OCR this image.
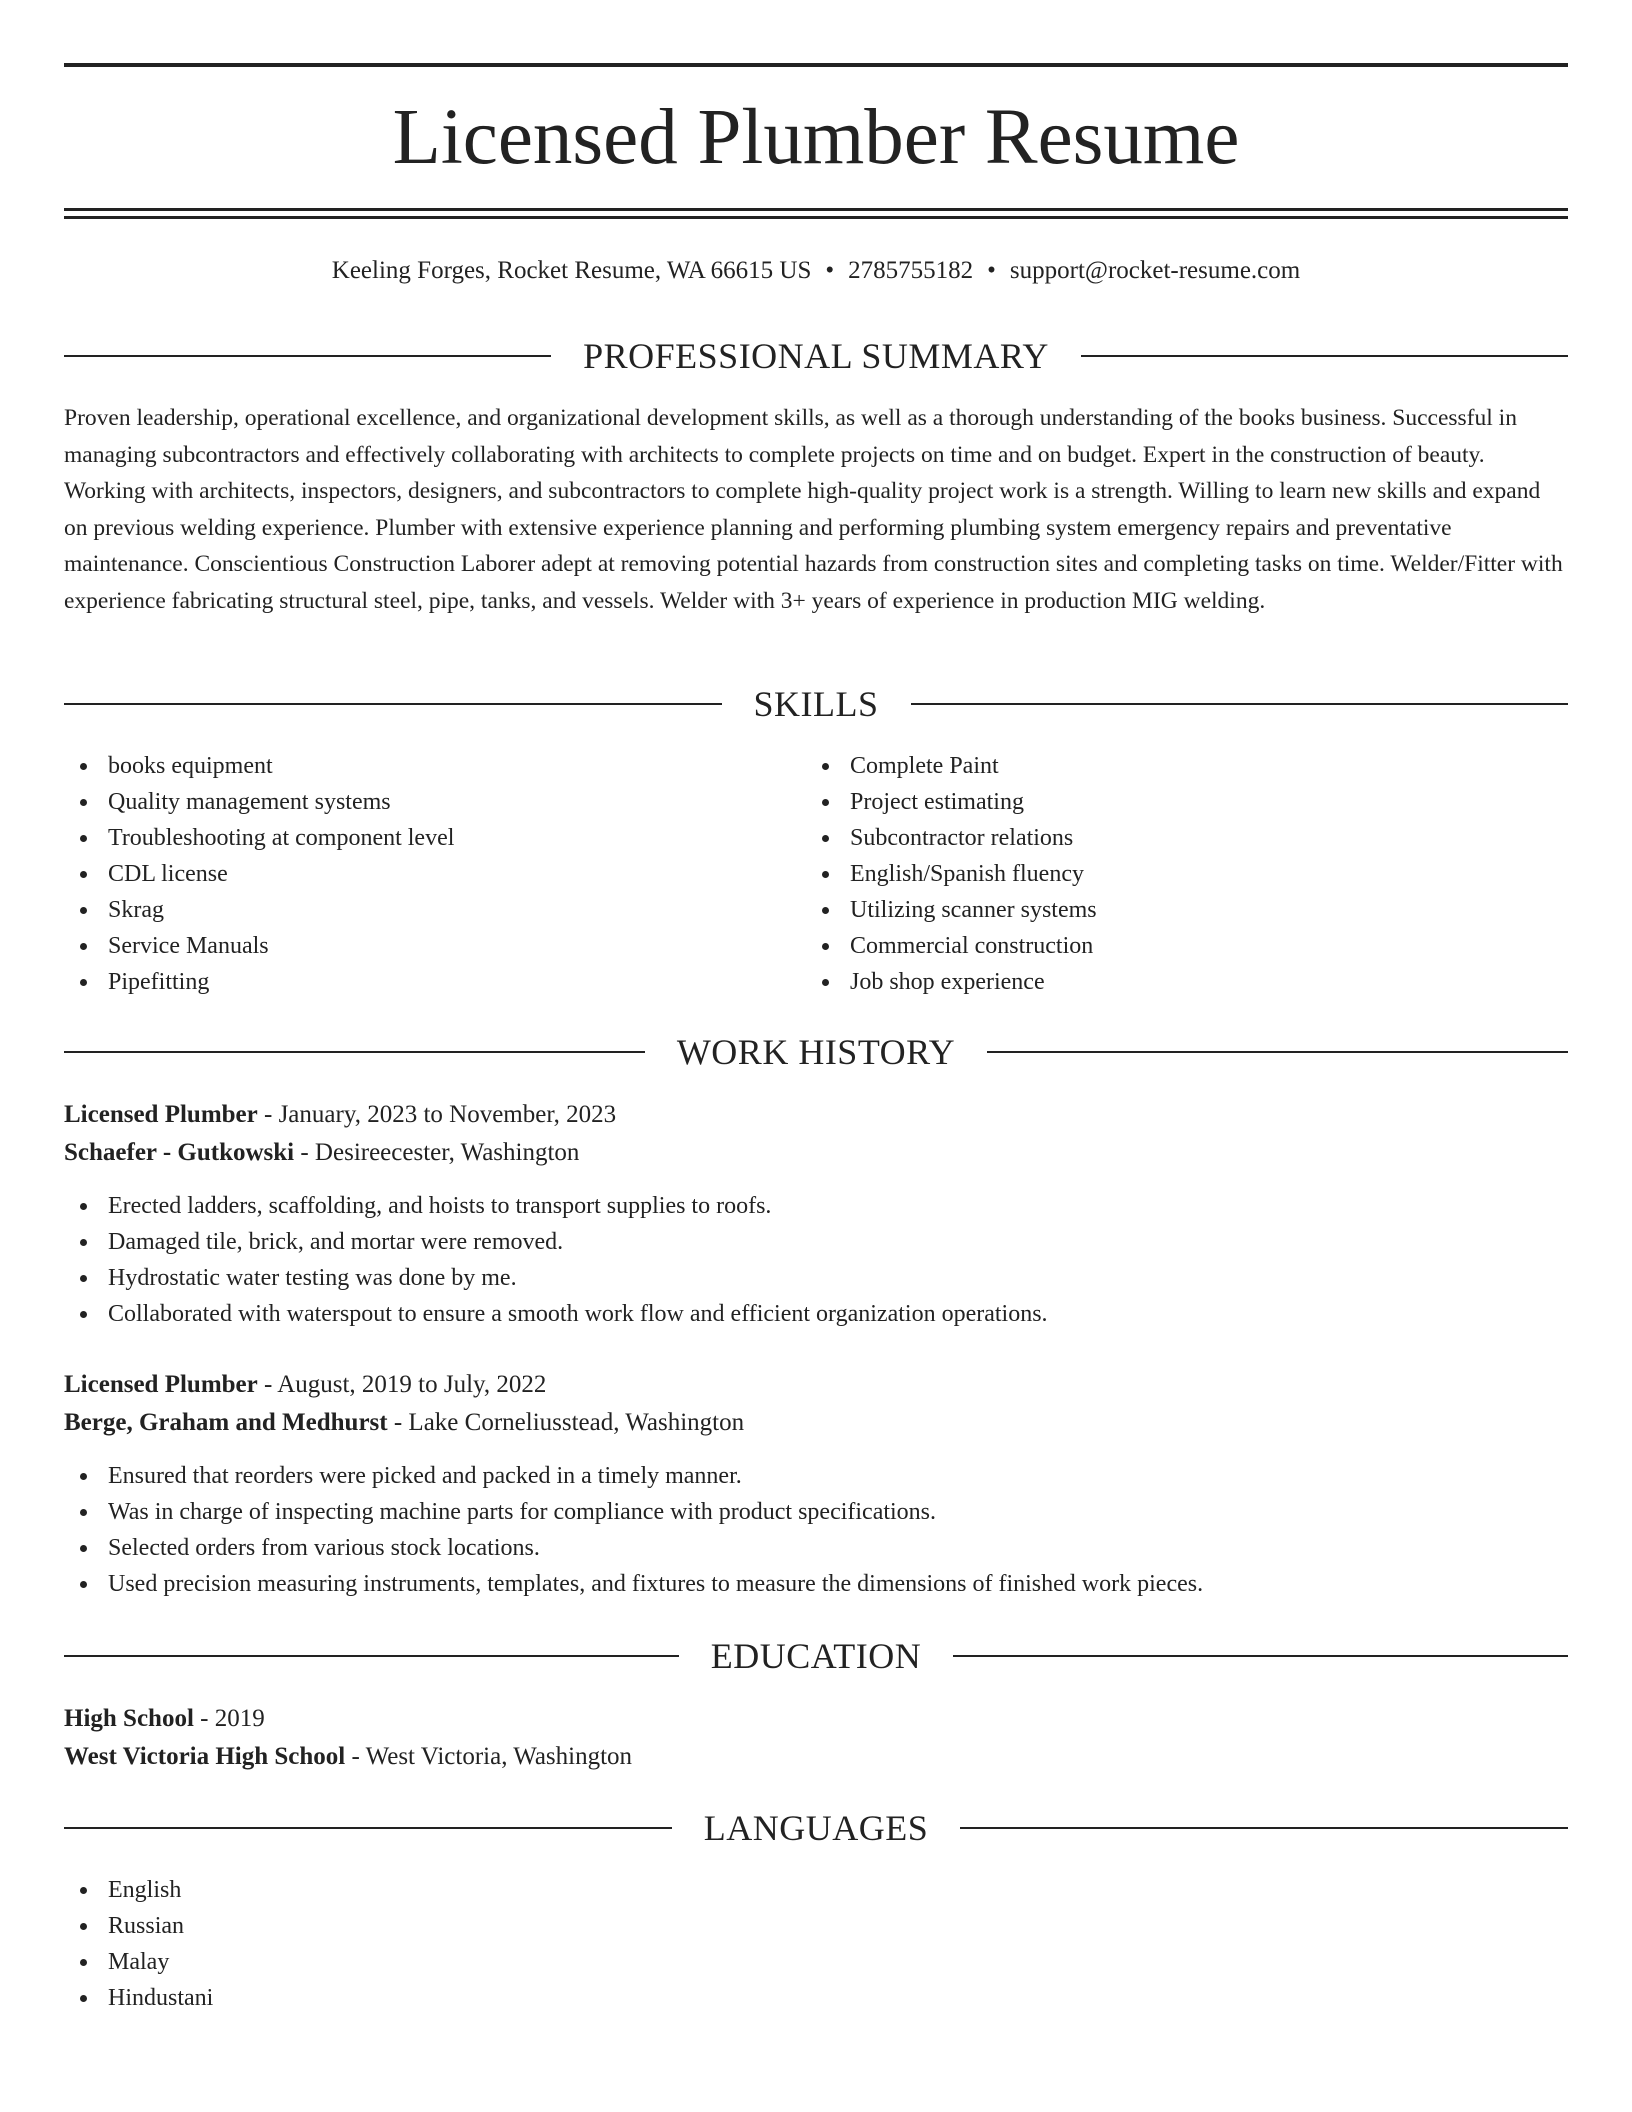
Licensed Plumber Resume
Keeling Forges, Rocket Resume, WA 66615 US • 2785755182 • support@rocket-resume.com
PROFESSIONAL SUMMARY

Proven leadership, operational excellence, and organizational development skills, as well as a thorough understanding of the books business. Successful in managing subcontractors and effectively collaborating with architects to complete projects on time and on budget. Expert in the construction of beauty. Working with architects, inspectors, designers, and subcontractors to complete high-quality project work is a strength. Willing to learn new skills and expand on previous welding experience. Plumber with extensive experience planning and performing plumbing system emergency repairs and preventative maintenance. Conscientious Construction Laborer adept at removing potential hazards from construction sites and completing tasks on time. Welder/Fitter with experience fabricating structural steel, pipe, tanks, and vessels. Welder with 3+ years of experience in production MIG welding.

SKILLS
books equipment
Quality management systems
Troubleshooting at component level
CDL license
Skrag
Service Manuals
Pipefitting
Complete Paint
Project estimating
Subcontractor relations
English/Spanish fluency
Utilizing scanner systems
Commercial construction
Job shop experience
WORK HISTORY
Licensed Plumber - January, 2023 to November, 2023
Schaefer - Gutkowski - Desireecester, Washington
Erected ladders, scaffolding, and hoists to transport supplies to roofs.
Damaged tile, brick, and mortar were removed.
Hydrostatic water testing was done by me.
Collaborated with waterspout to ensure a smooth work flow and efficient organization operations.
Licensed Plumber - August, 2019 to July, 2022
Berge, Graham and Medhurst - Lake Corneliusstead, Washington
Ensured that reorders were picked and packed in a timely manner.
Was in charge of inspecting machine parts for compliance with product specifications.
Selected orders from various stock locations.
Used precision measuring instruments, templates, and fixtures to measure the dimensions of finished work pieces.
EDUCATION
High School - 2019
West Victoria High School - West Victoria, Washington
LANGUAGES
English
Russian
Malay
Hindustani
